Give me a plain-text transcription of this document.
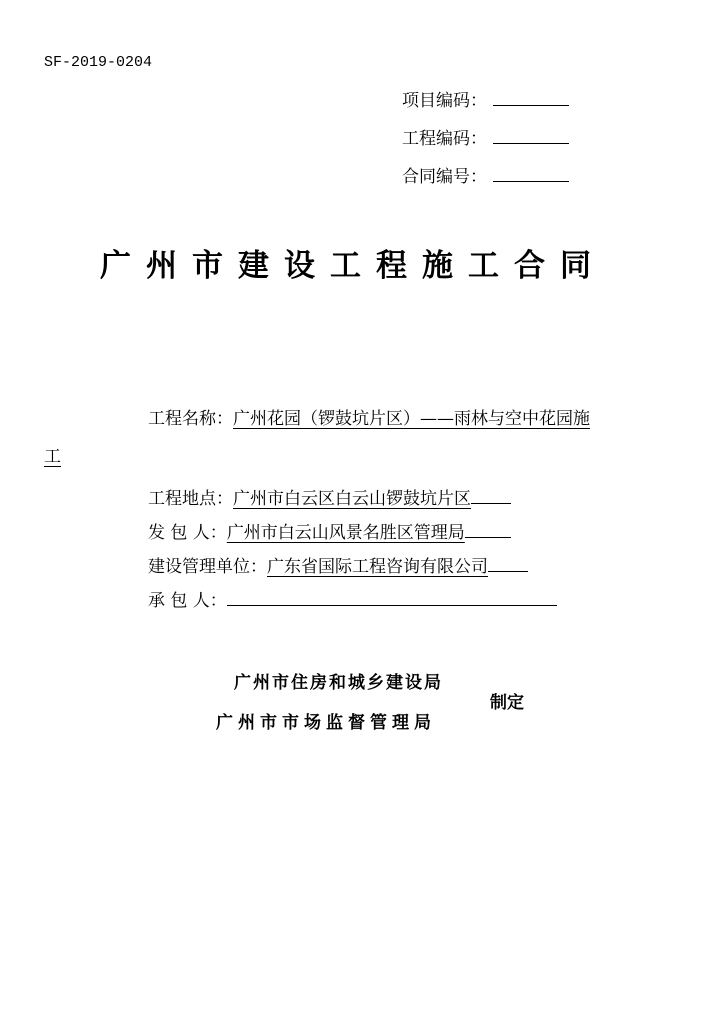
SF-2019-0204
项目编码：
工程编码：
合同编号：
广州市建设工程施工合同
工程名称：广州花园（锣鼓坑片区）——雨林与空中花园施
工
工程地点：广州市白云区白云山锣鼓坑片区
发 包 人：广州市白云山风景名胜区管理局
建设管理单位：广东省国际工程咨询有限公司
承 包 人：
广州市住房和城乡建设局
广州市市场监督管理局
制定
